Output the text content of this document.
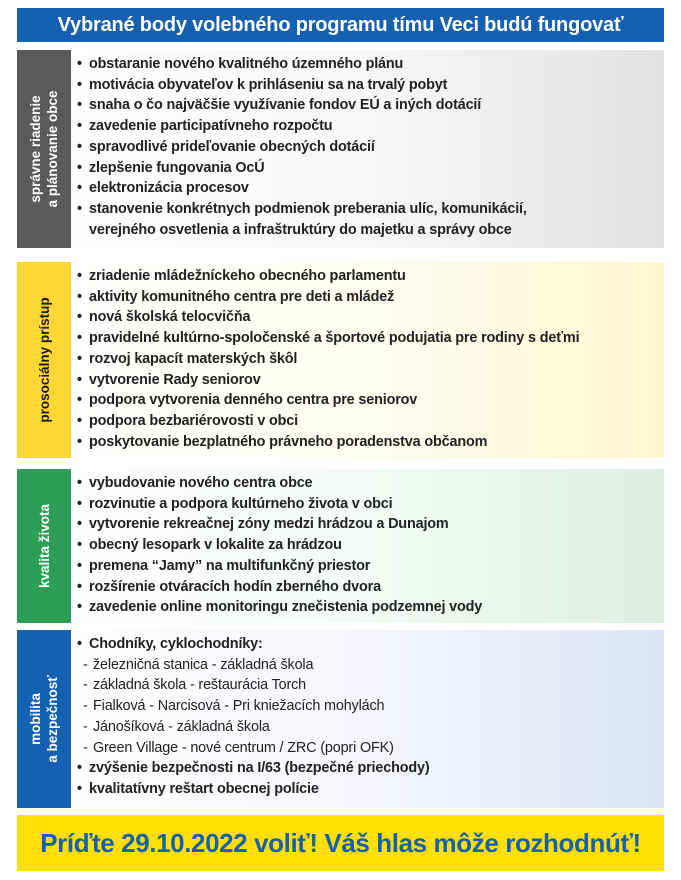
Vybrané body volebného programu tímu Veci budú fungovať
správne riadenie a plánovanie obce
• obstaranie nového kvalitného územného plánu
• motivácia obyvateľov k prihláseniu sa na trvalý pobyt
• snaha o čo najväčšie využívanie fondov EÚ a iných dotácií
• zavedenie participatívneho rozpočtu
• spravodlivé prideľovanie obecných dotácií
• zlepšenie fungovania OcÚ
• elektronizácia procesov
• stanovenie konkrétnych podmienok preberania ulíc, komunikácií,
verejného osvetlenia a infraštruktúry do majetku a správy obce
prosociálny prístup
• zriadenie mládežníckeho obecného parlamentu
• aktivity komunitného centra pre deti a mládež
• nová školská telocvičňa
• pravidelné kultúrno-spoločenské a športové podujatia pre rodiny s deťmi
• rozvoj kapacít materských škôl
• vytvorenie Rady seniorov
• podpora vytvorenia denného centra pre seniorov
• podpora bezbariérovosti v obci
• poskytovanie bezplatného právneho poradenstva občanom
kvalita života
• vybudovanie nového centra obce
• rozvinutie a podpora kultúrneho života v obci
• vytvorenie rekreačnej zóny medzi hrádzou a Dunajom
• obecný lesopark v lokalite za hrádzou
• premena “Jamy” na multifunkčný priestor
• rozšírenie otváracích hodín zberného dvora
• zavedenie online monitoringu znečistenia podzemnej vody
mobilita a bezpečnosť
• Chodníky, cyklochodníky:
- železničná stanica - základná škola
- základná škola - reštaurácia Torch
- Fialková - Narcisová - Pri kniežacích mohylách
- Jánošíková - základná škola
- Green Village - nové centrum / ZRC (popri OFK)
• zvýšenie bezpečnosti na I/63 (bezpečné priechody)
• kvalitatívny reštart obecnej polície
Príďte 29.10.2022 voliť! Váš hlas môže rozhodnúť!
